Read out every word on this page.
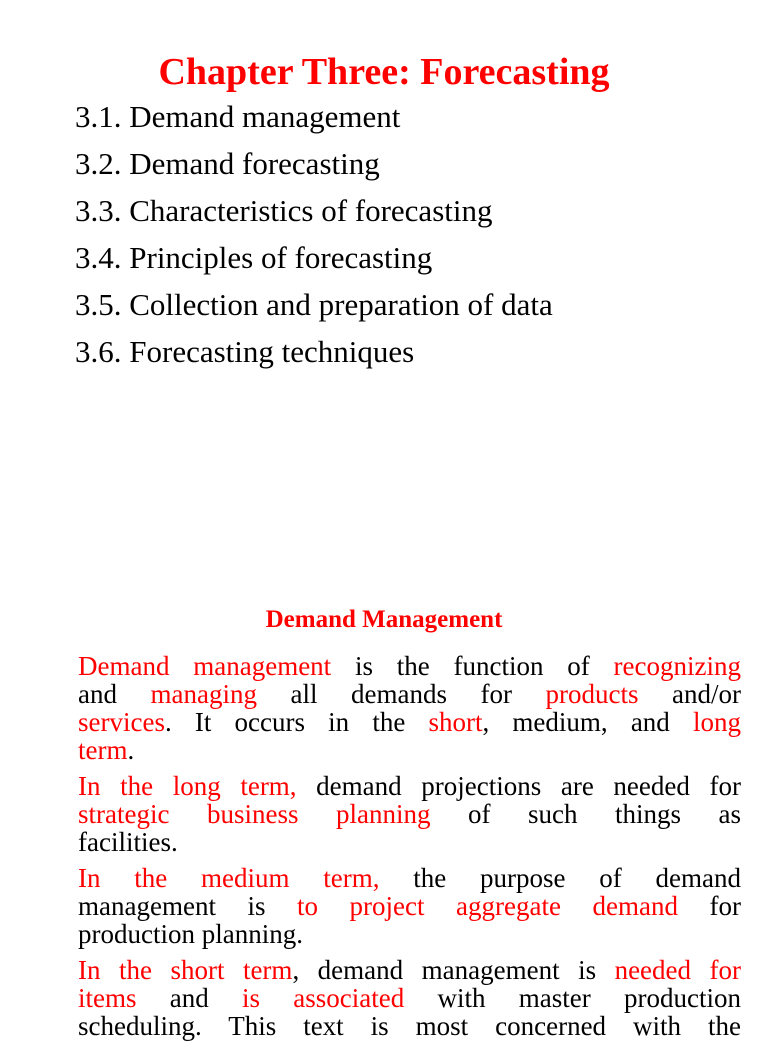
Chapter Three: Forecasting
3.1. Demand management
3.2. Demand forecasting
3.3. Characteristics of forecasting
3.4. Principles of forecasting
3.5. Collection and preparation of data
3.6. Forecasting techniques
Demand Management

Demand management is the function of recognizing
and managing all demands for products and/or
services. It occurs in the short, medium, and long
term.

In the long term, demand projections are needed for
strategic business planning of such things as
facilities.

In the medium term, the purpose of demand
management is to project aggregate demand for
production planning.

In the short term, demand management is needed for
items and is associated with master production
scheduling. This text is most concerned with the
